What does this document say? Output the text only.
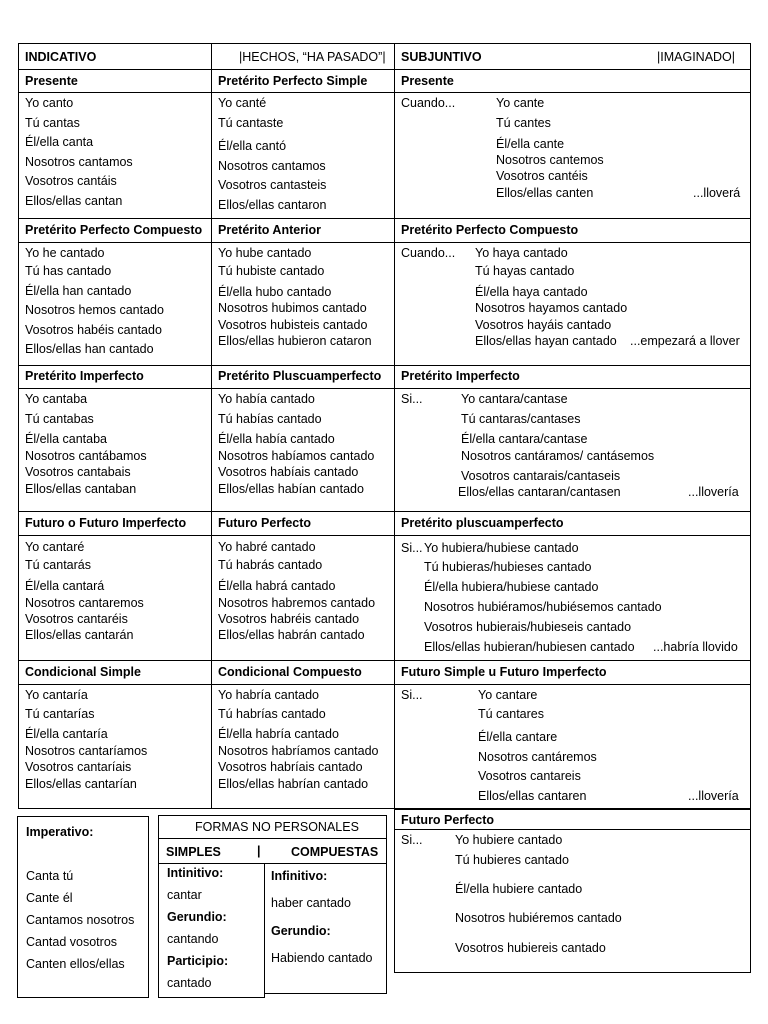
INDICATIVO	|HECHOS, “HA PASADO”| SUBJUNTIVO	|IMAGINADO|
Presente
Yo canto
Tú cantas
Él/ella canta
Nosotros cantamos
Vosotros cantáis
Ellos/ellas cantan
Pretérito Perfecto Simple
Yo canté
Tú cantaste
Él/ella cantó
Nosotros cantamos
Vosotros cantasteis
Ellos/ellas cantaron
Presente
Cuando...	Yo cante
Tú cantes
Él/ella cante
Nosotros cantemos
Vosotros cantéis
Ellos/ellas canten	...lloverá
Pretérito Perfecto Compuesto
Yo he cantado
Tú has cantado
Él/ella han cantado
Nosotros hemos cantado
Vosotros habéis cantado
Ellos/ellas han cantado
Pretérito Anterior
Yo hube cantado
Tú hubiste cantado
Él/ella hubo cantado
Nosotros hubimos cantado
Vosotros hubisteis cantado
Ellos/ellas hubieron cataron
Pretérito Perfecto Compuesto
Cuando... Yo haya cantado
Tú hayas cantado
Él/ella haya cantado
Nosotros hayamos cantado
Vosotros hayáis cantado
Ellos/ellas hayan cantado ...empezará a llover
Pretérito Imperfecto
Yo cantaba
Tú cantabas
Él/ella cantaba
Nosotros cantábamos
Vosotros cantabais
Ellos/ellas cantaban
Pretérito Pluscuamperfecto
Yo había cantado
Tú habías cantado
Él/ella había cantado
Nosotros habíamos cantado
Vosotros habíais cantado
Ellos/ellas habían cantado
Pretérito Imperfecto
Si...	Yo cantara/cantase
Tú cantaras/cantases
Él/ella cantara/cantase
Nosotros cantáramos/ cantásemos
Vosotros cantarais/cantaseis
Ellos/ellas cantaran/cantasen	...llovería
Futuro o Futuro Imperfecto
Yo cantaré
Tú cantarás
Él/ella cantará
Nosotros cantaremos
Vosotros cantaréis
Ellos/ellas cantarán
Futuro Perfecto
Yo habré cantado
Tú habrás cantado
Él/ella habrá cantado
Nosotros habremos cantado
Vosotros habréis cantado
Ellos/ellas habrán cantado
Pretérito pluscuamperfecto
Si... Yo hubiera/hubiese cantado
Tú hubieras/hubieses cantado
Él/ella hubiera/hubiese cantado
Nosotros hubiéramos/hubiésemos cantado
Vosotros hubierais/hubieseis cantado
Ellos/ellas hubieran/hubiesen cantado ...habría llovido
Condicional Simple
Yo cantaría
Tú cantarías
Él/ella cantaría
Nosotros cantaríamos
Vosotros cantaríais
Ellos/ellas cantarían
Condicional Compuesto
Yo habría cantado
Tú habrías cantado
Él/ella habría cantado
Nosotros habríamos cantado
Vosotros habríais cantado
Ellos/ellas habrían cantado
Futuro Simple u Futuro Imperfecto
Si...	Yo cantare
Tú cantares
Él/ella cantare
Nosotros cantáremos
Vosotros cantareis
Ellos/ellas cantaren	...llovería
Futuro Perfecto
Si...	Yo hubiere cantado
Tú hubieres cantado
Él/ella hubiere cantado
Nosotros hubiéremos cantado
Vosotros hubiereis cantado
Imperativo:
Canta tú
Cante él
Cantamos nosotros
Cantad vosotros
Canten ellos/ellas
FORMAS NO PERSONALES
SIMPLES	| COMPUESTAS
Intinitivo:
cantar
Gerundio:
cantando
Participio:
cantado
Infinitivo:
haber cantado
Gerundio:
Habiendo cantado
